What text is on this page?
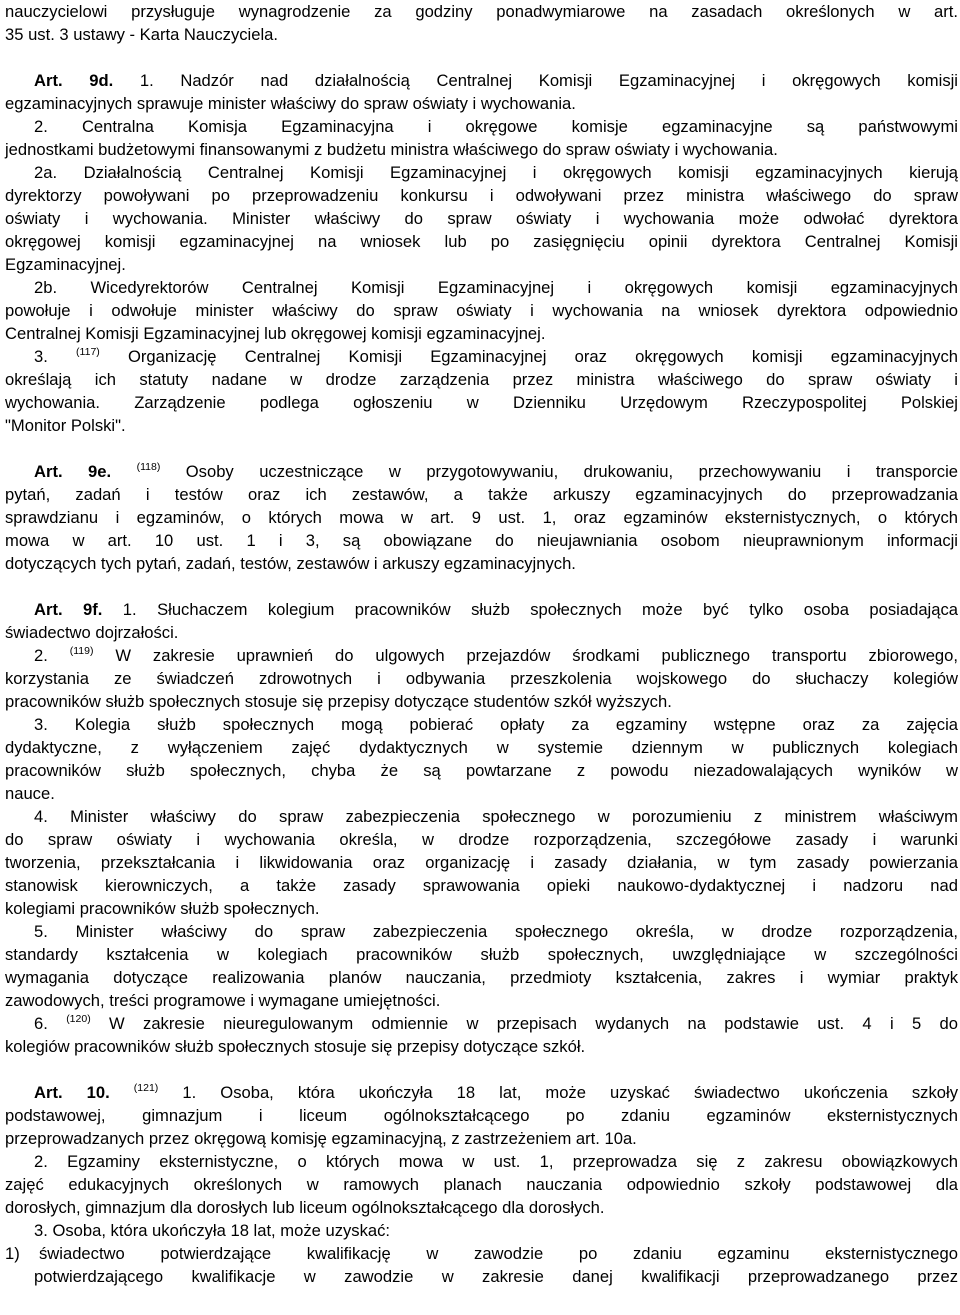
nauczycielowi przysługuje wynagrodzenie za godziny ponadwymiarowe na zasadach określonych w art.
35 ust. 3 ustawy - Karta Nauczyciela.
Art. 9d. 1. Nadzór nad działalnością Centralnej Komisji Egzaminacyjnej i okręgowych komisji
egzaminacyjnych sprawuje minister właściwy do spraw oświaty i wychowania.
2. Centralna Komisja Egzaminacyjna i okręgowe komisje egzaminacyjne są państwowymi
jednostkami budżetowymi finansowanymi z budżetu ministra właściwego do spraw oświaty i wychowania.
2a. Działalnością Centralnej Komisji Egzaminacyjnej i okręgowych komisji egzaminacyjnych kierują
dyrektorzy powoływani po przeprowadzeniu konkursu i odwoływani przez ministra właściwego do spraw
oświaty i wychowania. Minister właściwy do spraw oświaty i wychowania może odwołać dyrektora
okręgowej komisji egzaminacyjnej na wniosek lub po zasięgnięciu opinii dyrektora Centralnej Komisji
Egzaminacyjnej.
2b. Wicedyrektorów Centralnej Komisji Egzaminacyjnej i okręgowych komisji egzaminacyjnych
powołuje i odwołuje minister właściwy do spraw oświaty i wychowania na wniosek dyrektora odpowiednio
Centralnej Komisji Egzaminacyjnej lub okręgowej komisji egzaminacyjnej.
3. $^{(117)}$ Organizację Centralnej Komisji Egzaminacyjnej oraz okręgowych komisji egzaminacyjnych
określają ich statuty nadane w drodze zarządzenia przez ministra właściwego do spraw oświaty i
wychowania. Zarządzenie podlega ogłoszeniu w Dzienniku Urzędowym Rzeczypospolitej Polskiej
"Monitor Polski".
Art. 9e. $^{(118)}$ Osoby uczestniczące w przygotowywaniu, drukowaniu, przechowywaniu i transporcie
pytań, zadań i testów oraz ich zestawów, a także arkuszy egzaminacyjnych do przeprowadzania
sprawdzianu i egzaminów, o których mowa w art. 9 ust. 1, oraz egzaminów eksternistycznych, o których
mowa w art. 10 ust. 1 i 3, są obowiązane do nieujawniania osobom nieuprawnionym informacji
dotyczących tych pytań, zadań, testów, zestawów i arkuszy egzaminacyjnych.
Art. 9f. 1. Słuchaczem kolegium pracowników służb społecznych może być tylko osoba posiadająca
świadectwo dojrzałości.
2. $^{(119)}$ W zakresie uprawnień do ulgowych przejazdów środkami publicznego transportu zbiorowego,
korzystania ze świadczeń zdrowotnych i odbywania przeszkolenia wojskowego do słuchaczy kolegiów
pracowników służb społecznych stosuje się przepisy dotyczące studentów szkół wyższych.
3. Kolegia służb społecznych mogą pobierać opłaty za egzaminy wstępne oraz za zajęcia
dydaktyczne, z wyłączeniem zajęć dydaktycznych w systemie dziennym w publicznych kolegiach
pracowników służb społecznych, chyba że są powtarzane z powodu niezadowalających wyników w
nauce.
4. Minister właściwy do spraw zabezpieczenia społecznego w porozumieniu z ministrem właściwym
do spraw oświaty i wychowania określa, w drodze rozporządzenia, szczegółowe zasady i warunki
tworzenia, przekształcania i likwidowania oraz organizację i zasady działania, w tym zasady powierzania
stanowisk kierowniczych, a także zasady sprawowania opieki naukowo-dydaktycznej i nadzoru nad
kolegiami pracowników służb społecznych.
5. Minister właściwy do spraw zabezpieczenia społecznego określa, w drodze rozporządzenia,
standardy kształcenia w kolegiach pracowników służb społecznych, uwzględniające w szczególności
wymagania dotyczące realizowania planów nauczania, przedmioty kształcenia, zakres i wymiar praktyk
zawodowych, treści programowe i wymagane umiejętności.
6. $^{(120)}$ W zakresie nieuregulowanym odmiennie w przepisach wydanych na podstawie ust. 4 i 5 do
kolegiów pracowników służb społecznych stosuje się przepisy dotyczące szkół.
Art. 10. $^{(121)}$ 1. Osoba, która ukończyła 18 lat, może uzyskać świadectwo ukończenia szkoły
podstawowej, gimnazjum i liceum ogólnokształcącego po zdaniu egzaminów eksternistycznych
przeprowadzanych przez okręgową komisję egzaminacyjną, z zastrzeżeniem art. 10a.
2. Egzaminy eksternistyczne, o których mowa w ust. 1, przeprowadza się z zakresu obowiązkowych
zajęć edukacyjnych określonych w ramowych planach nauczania odpowiednio szkoły podstawowej dla
dorosłych, gimnazjum dla dorosłych lub liceum ogólnokształcącego dla dorosłych.
3. Osoba, która ukończyła 18 lat, może uzyskać:
1) świadectwo potwierdzające kwalifikację w zawodzie po zdaniu egzaminu eksternistycznego
potwierdzającego kwalifikacje w zawodzie w zakresie danej kwalifikacji przeprowadzanego przez
